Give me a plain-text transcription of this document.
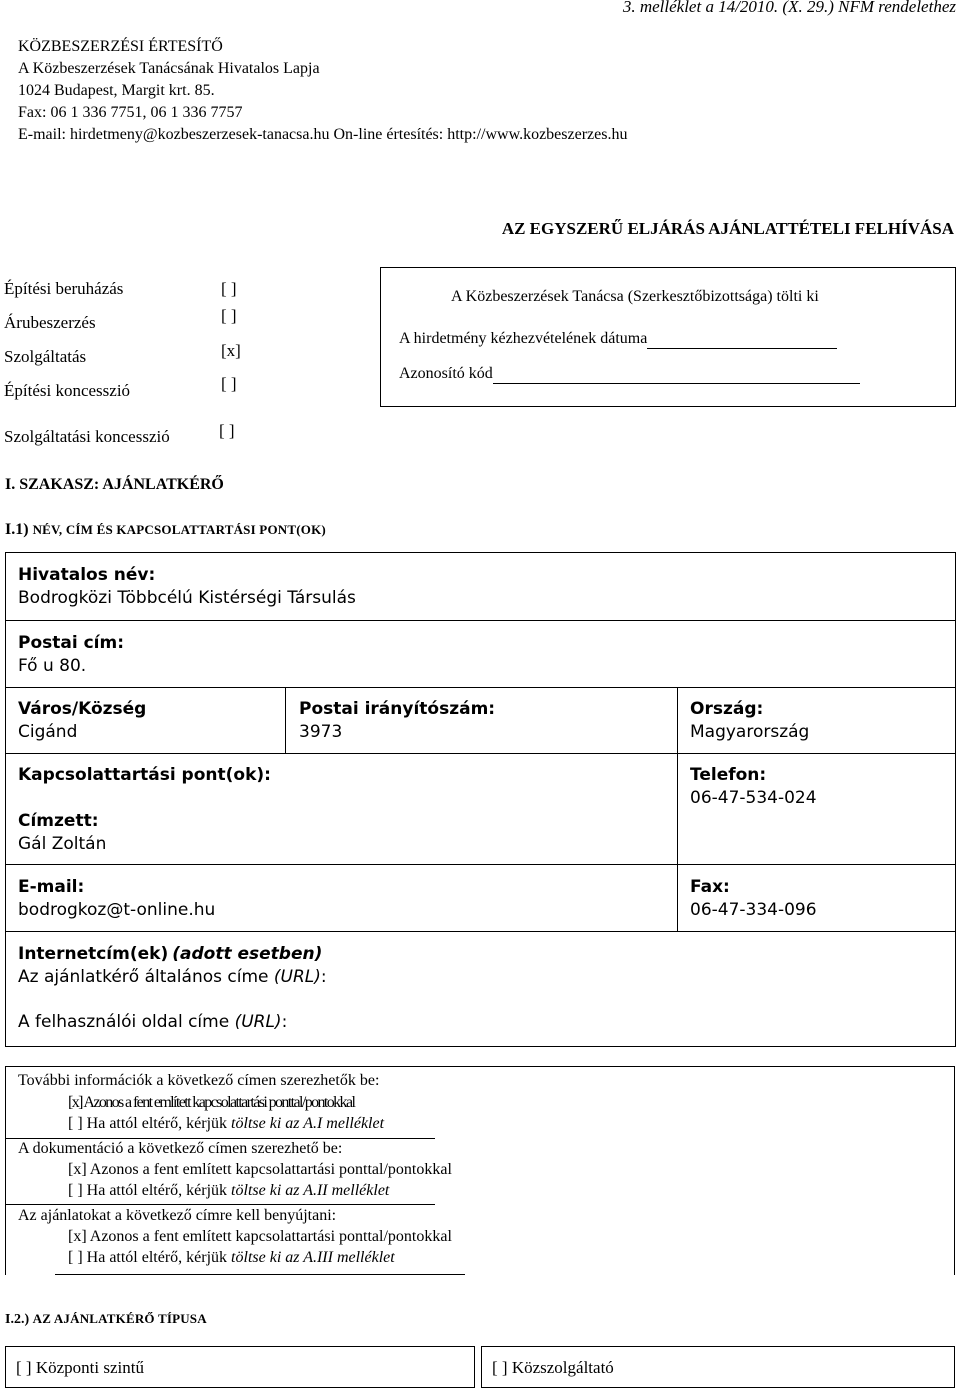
3. melléklet a 14/2010. (X. 29.) NFM rendelethez
KÖZBESZERZÉSI ÉRTESÍTŐ
A Közbeszerzések Tanácsának Hivatalos Lapja
1024 Budapest, Margit krt. 85.
Fax: 06 1 336 7751, 06 1 336 7757
E-mail: hirdetmeny@kozbeszerzesek-tanacsa.hu On-line értesítés: http://www.kozbeszerzes.hu
AZ EGYSZERŰ ELJÁRÁS AJÁNLATTÉTELI FELHÍVÁSA
Építési beruházás	[ ]
Árubeszerzés	[ ]
Szolgáltatás	[x]
Építési koncesszió	[ ]
Szolgáltatási koncesszió	[ ]
A Közbeszerzések Tanácsa (Szerkesztőbizottsága) tölti ki
A hirdetmény kézhezvételének dátuma
Azonosító kód
I. SZAKASZ: AJÁNLATKÉRŐ
I.1) NÉV, CÍM ÉS KAPCSOLATTARTÁSI PONT(OK)
Hivatalos név:
Bodrogközi Többcélú Kistérségi Társulás
Postai cím:
Fő u 80.
Város/Község
Cigánd
Postai irányítószám:
3973
Ország:
Magyarország
Kapcsolattartási pont(ok):
Címzett:
Gál Zoltán
Telefon:
06-47-534-024
E-mail:
bodrogkoz@t-online.hu
Fax:
06-47-334-096
Internetcím(ek) (adott esetben)
Az ajánlatkérő általános címe (URL):
A felhasználói oldal címe (URL):
További információk a következő címen szerezhetők be:
[x] Azonos a fent említett kapcsolattartási ponttal/pontokkal
[ ] Ha attól eltérő, kérjük töltse ki az A.I melléklet
A dokumentáció a következő címen szerezhető be:
[x] Azonos a fent említett kapcsolattartási ponttal/pontokkal
[ ] Ha attól eltérő, kérjük töltse ki az A.II melléklet
Az ajánlatokat a következő címre kell benyújtani:
[x] Azonos a fent említett kapcsolattartási ponttal/pontokkal
[ ] Ha attól eltérő, kérjük töltse ki az A.III melléklet
I.2.) AZ AJÁNLATKÉRŐ TÍPUSA
[ ] Központi szintű	[ ] Közszolgáltató
